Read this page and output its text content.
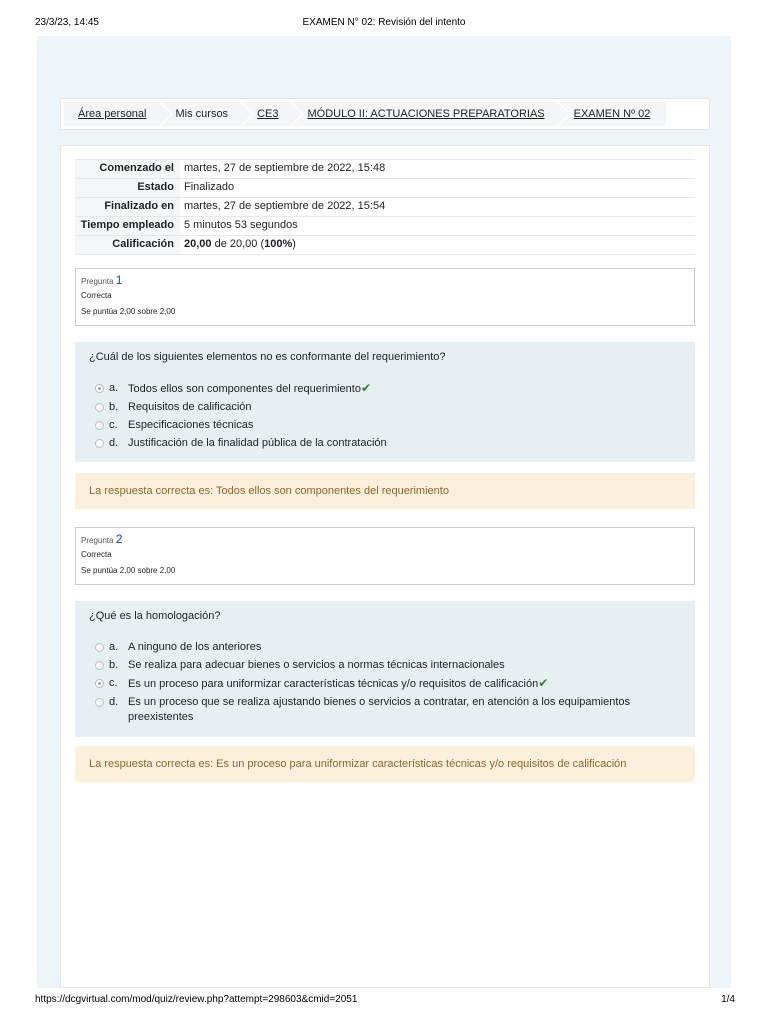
23/3/23, 14:45	EXAMEN N° 02: Revisión del intento
Área personal	Mis cursos	CE3	MÓDULO II: ACTUACIONES PREPARATORIAS	EXAMEN Nº 02
Comenzado el	martes, 27 de septiembre de 2022, 15:48
Estado	Finalizado
Finalizado en	martes, 27 de septiembre de 2022, 15:54
Tiempo empleado	5 minutos 53 segundos
Calificación	20,00 de 20,00 (100%)
Pregunta 1
Correcta
Se puntúa 2,00 sobre 2,00
¿Cuál de los siguientes elementos no es conformante del requerimiento?
a. Todos ellos son componentes del requerimiento✔
b. Requisitos de calificación
c. Especificaciones técnicas
d. Justificación de la finalidad pública de la contratación
La respuesta correcta es: Todos ellos son componentes del requerimiento
Pregunta 2
Correcta
Se puntúa 2,00 sobre 2,00
¿Qué es la homologación?
a. A ninguno de los anteriores
b. Se realiza para adecuar bienes o servicios a normas técnicas internacionales
c. Es un proceso para uniformizar características técnicas y/o requisitos de calificación✔
d. Es un proceso que se realiza ajustando bienes o servicios a contratar, en atención a los equipamientos preexistentes
La respuesta correcta es: Es un proceso para uniformizar características técnicas y/o requisitos de calificación
https://dcgvirtual.com/mod/quiz/review.php?attempt=298603&cmid=2051	1/4
